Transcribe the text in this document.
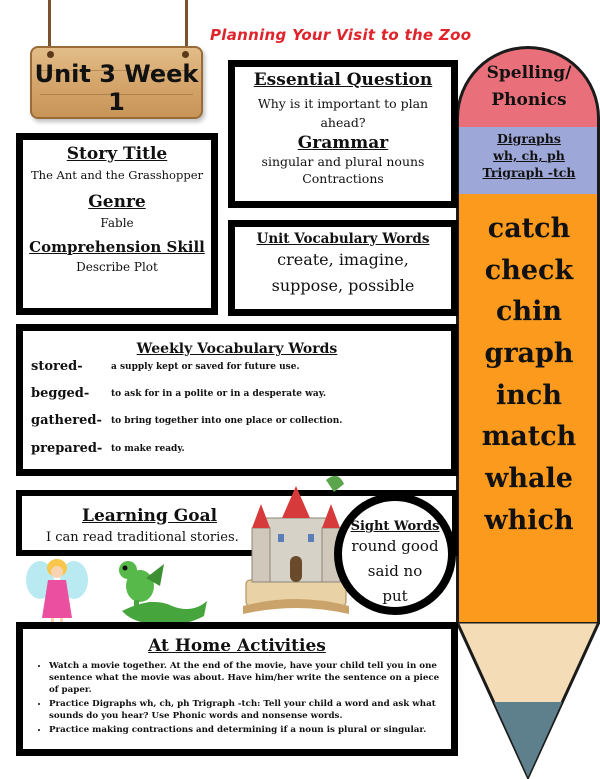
Unit 3 Week 1
Planning Your Visit to the Zoo
Spelling/ Phonics
Digraphs
wh, ch, ph
Trigraph -tch
catch
check
chin
graph
inch
match
whale
which
Essential Question
Why is it important to plan ahead?
Grammar
singular and plural nouns
Contractions
Story Title
The Ant and the Grasshopper
Genre
Fable
Comprehension Skill
Describe Plot
Unit Vocabulary Words
create, imagine,
suppose, possible
Weekly Vocabulary Words
stored-	a supply kept or saved for future use.
begged- to ask for in a polite or in a desperate way.
gathered- to bring together into one place or collection.
prepared- to make ready.
Learning Goal
I can read traditional stories.
Sight Words
round good
said no
put
At Home Activities
• Watch a movie together. At the end of the movie, have your child tell you in one sentence what the movie was about. Have him/her write the sentence on a piece of paper.
• Practice Digraphs wh, ch, ph Trigraph -tch: Tell your child a word and ask what sounds do you hear? Use Phonic words and nonsense words.
• Practice making contractions and determining if a noun is plural or singular.
